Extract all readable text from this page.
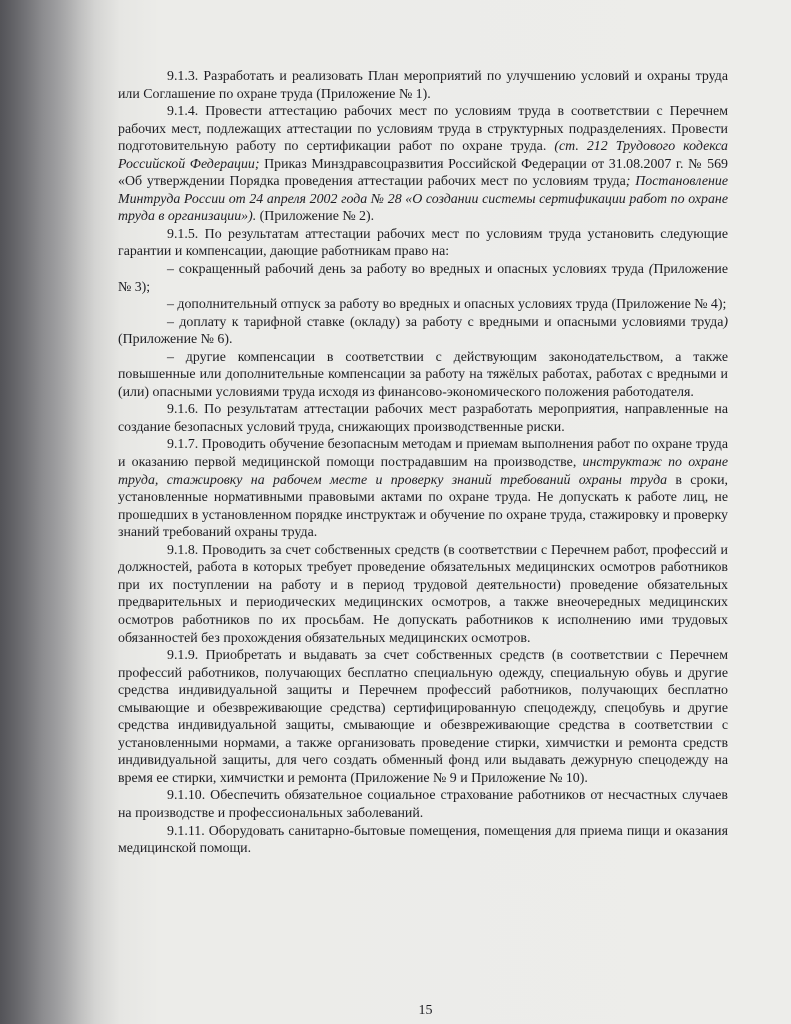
9.1.3. Разработать и реализовать План мероприятий по улучшению условий и охраны труда или Соглашение по охране труда (Приложение № 1).

9.1.4. Провести аттестацию рабочих мест по условиям труда в соответствии с Перечнем рабочих мест, подлежащих аттестации по условиям труда в структурных подразделениях. Провести подготовительную работу по сертификации работ по охране труда. (ст. 212 Трудового кодекса Российской Федерации; Приказ Минздравсоцразвития Российской Федерации от 31.08.2007 г. № 569 «Об утверждении Порядка проведения аттестации рабочих мест по условиям труда; Постановление Минтруда России от 24 апреля 2002 года № 28 «О создании системы сертификации работ по охране труда в организации»). (Приложение № 2).

9.1.5. По результатам аттестации рабочих мест по условиям труда установить следующие гарантии и компенсации, дающие работникам право на:

– сокращенный рабочий день за работу во вредных и опасных условиях труда (Приложение № 3);

– дополнительный отпуск за работу во вредных и опасных условиях труда (Приложение № 4);

– доплату к тарифной ставке (окладу) за работу с вредными и опасными условиями труда) (Приложение № 6).

– другие компенсации в соответствии с действующим законодательством, а также повышенные или дополнительные компенсации за работу на тяжёлых работах, работах с вредными и (или) опасными условиями труда исходя из финансово-экономического положения работодателя.

9.1.6. По результатам аттестации рабочих мест разработать мероприятия, направленные на создание безопасных условий труда, снижающих производственные риски.

9.1.7. Проводить обучение безопасным методам и приемам выполнения работ по охране труда и оказанию первой медицинской помощи пострадавшим на производстве, инструктаж по охране труда, стажировку на рабочем месте и проверку знаний требований охраны труда в сроки, установленные нормативными правовыми актами по охране труда. Не допускать к работе лиц, не прошедших в установленном порядке инструктаж и обучение по охране труда, стажировку и проверку знаний требований охраны труда.

9.1.8. Проводить за счет собственных средств (в соответствии с Перечнем работ, профессий и должностей, работа в которых требует проведение обязательных медицинских осмотров работников при их поступлении на работу и в период трудовой деятельности) проведение обязательных предварительных и периодических медицинских осмотров, а также внеочередных медицинских осмотров работников по их просьбам. Не допускать работников к исполнению ими трудовых обязанностей без прохождения обязательных медицинских осмотров.

9.1.9. Приобретать и выдавать за счет собственных средств (в соответствии с Перечнем профессий работников, получающих бесплатно специальную одежду, специальную обувь и другие средства индивидуальной защиты и Перечнем профессий работников, получающих бесплатно смывающие и обезвреживающие средства) сертифицированную спецодежду, спецобувь и другие средства индивидуальной защиты, смывающие и обезвреживающие средства в соответствии с установленными нормами, а также организовать проведение стирки, химчистки и ремонта средств индивидуальной защиты, для чего создать обменный фонд или выдавать дежурную спецодежду на время ее стирки, химчистки и ремонта (Приложение № 9 и Приложение № 10).

9.1.10. Обеспечить обязательное социальное страхование работников от несчастных случаев на производстве и профессиональных заболеваний.

9.1.11. Оборудовать санитарно-бытовые помещения, помещения для приема пищи и оказания медицинской помощи.

15
